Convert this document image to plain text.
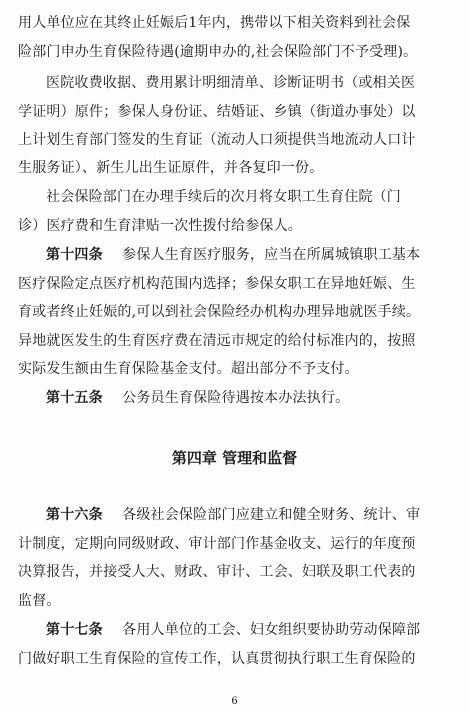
用人单位应在其终止妊娠后1年内，携带以下相关资料到社会保
险部门申办生育保险待遇(逾期申办的,社会保险部门不予受理)。
医院收费收据、费用累计明细清单、诊断证明书（或相关医
学证明）原件；参保人身份证、结婚证、乡镇（街道办事处）以
上计划生育部门签发的生育证（流动人口须提供当地流动人口计
生服务证）、新生儿出生证原件，并各复印一份。
社会保险部门在办理手续后的次月将女职工生育住院（门
诊）医疗费和生育津贴一次性拨付给参保人。
第十四条 参保人生育医疗服务，应当在所属城镇职工基本
医疗保险定点医疗机构范围内选择；参保女职工在异地妊娠、生
育或者终止妊娠的,可以到社会保险经办机构办理异地就医手续。
异地就医发生的生育医疗费在清远市规定的给付标准内的，按照
实际发生额由生育保险基金支付。超出部分不予支付。
第十五条 公务员生育保险待遇按本办法执行。
第四章 管理和监督
第十六条 各级社会保险部门应建立和健全财务、统计、审
计制度，定期向同级财政、审计部门作基金收支、运行的年度预
决算报告，并接受人大、财政、审计、工会、妇联及职工代表的
监督。
第十七条 各用人单位的工会、妇女组织要协助劳动保障部
门做好职工生育保险的宣传工作，认真贯彻执行职工生育保险的
6
